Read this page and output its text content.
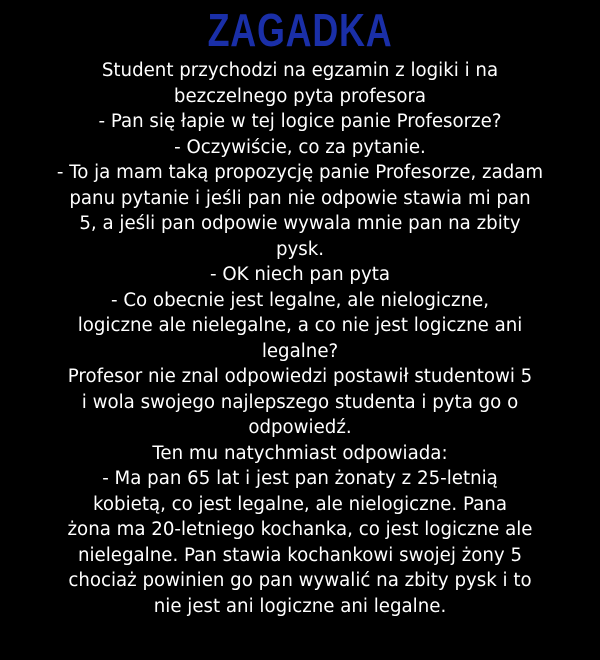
ZAGADKA
Student przychodzi na egzamin z logiki i na
bezczelnego pyta profesora
- Pan się łapie w tej logice panie Profesorze?
- Oczywiście, co za pytanie.
- To ja mam taką propozycję panie Profesorze, zadam
panu pytanie i jeśli pan nie odpowie stawia mi pan
5, a jeśli pan odpowie wywala mnie pan na zbity
pysk.
- OK niech pan pyta
- Co obecnie jest legalne, ale nielogiczne,
logiczne ale nielegalne, a co nie jest logiczne ani
legalne?
Profesor nie znal odpowiedzi postawił studentowi 5
i wola swojego najlepszego studenta i pyta go o
odpowiedź.
Ten mu natychmiast odpowiada:
- Ma pan 65 lat i jest pan żonaty z 25-letnią
kobietą, co jest legalne, ale nielogiczne. Pana
żona ma 20-letniego kochanka, co jest logiczne ale
nielegalne. Pan stawia kochankowi swojej żony 5
chociaż powinien go pan wywalić na zbity pysk i to
nie jest ani logiczne ani legalne.
